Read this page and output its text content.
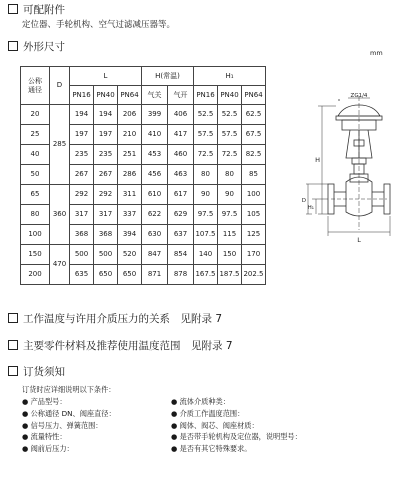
可配附件
定位器、手轮机构、空气过滤减压器等。
外形尺寸	mm
公称
通径	D	L			H(常温)		H₁		
		PN16	PN40	PN64	气关	气开	PN16	PN40	PN64
20	285	194	194	206	399	406	52.5	52.5	62.5
25		197	197	210	410	417	57.5	57.5	67.5
40		235	235	251	453	460	72.5	72.5	82.5
50		267	267	286	456	463	80	80	85
65	360	292	292	311	610	617	90	90	100
80		317	317	337	622	629	97.5	97.5	105
100		368	368	394	630	637	107.5	115	125
150	470	500	500	520	847	854	140	150	170
200		635	650	650	871	878	167.5	187.5	202.5
ZG1/4
H
H₁
D
L
工作温度与许用介质压力的关系　见附录 7
主要零件材料及推荐使用温度范围　见附录 7
订货须知
订货时应详细说明以下条件：
● 产品型号：
● 公称通径 DN、阀座直径：
● 信号压力、弹簧范围：
● 流量特性：
● 阀前后压力：
● 流体介质种类：
● 介质工作温度范围：
● 阀体、阀芯、阀座材质：
● 是否带手轮机构及定位器，说明型号：
● 是否有其它特殊要求。
